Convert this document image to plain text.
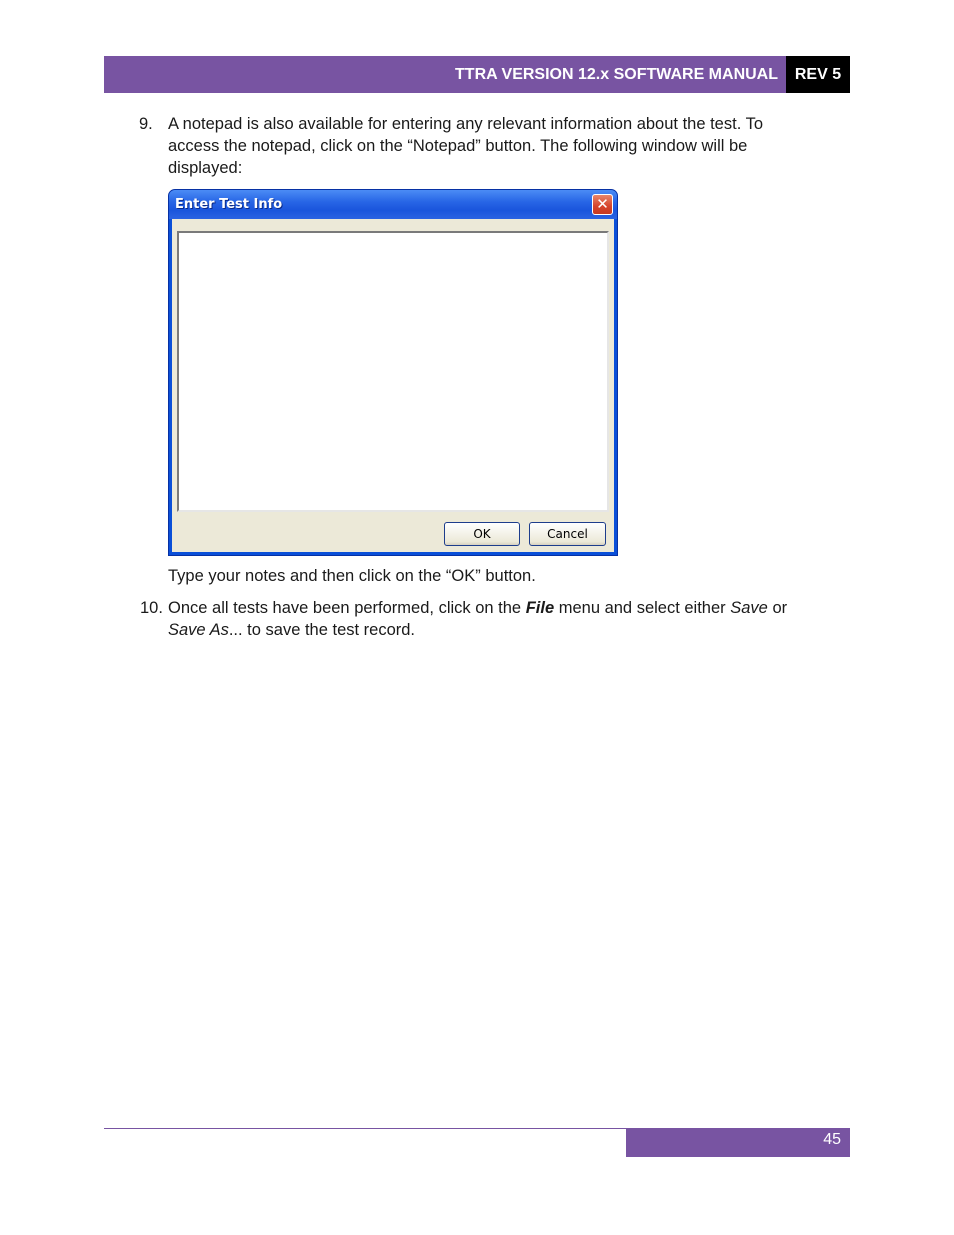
TTRA VERSION 12.x SOFTWARE MANUAL	REV 5
9. A notepad is also available for entering any relevant information about the test. To

access the notepad, click on the “Notepad” button. The following window will be

displayed:

Enter Test Info	✕
OK	Cancel
Type your notes and then click on the “OK” button.
10. Once all tests have been performed, click on the File menu and select either Save or

Save As... to save the test record.

45
